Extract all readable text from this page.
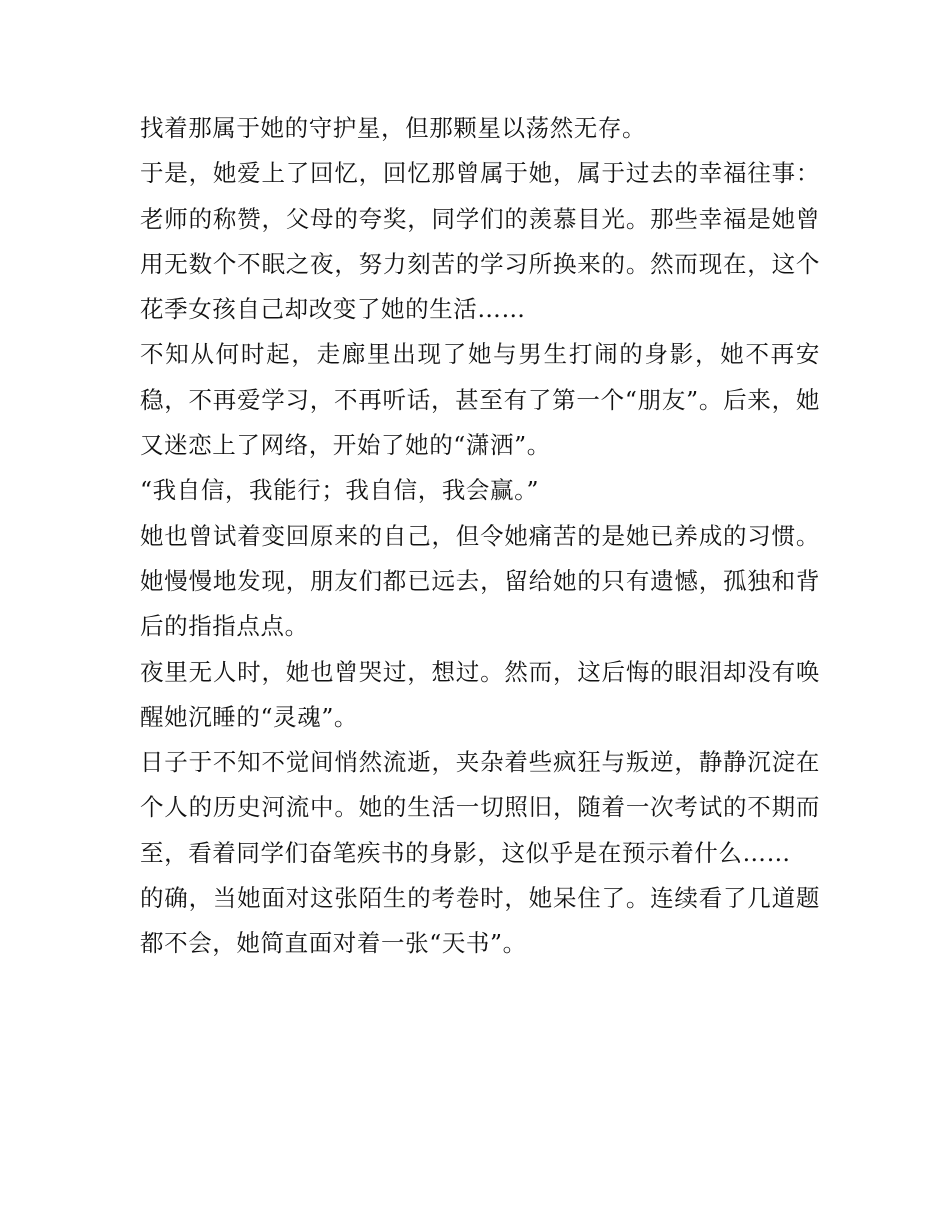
找着那属于她的守护星，但那颗星以荡然无存。

于是，她爱上了回忆，回忆那曾属于她，属于过去的幸福往事：老师的称赞，父母的夸奖，同学们的羡慕目光。那些幸福是她曾用无数个不眠之夜，努力刻苦的学习所换来的。然而现在，这个花季女孩自己却改变了她的生活……

不知从何时起，走廊里出现了她与男生打闹的身影，她不再安稳，不再爱学习，不再听话，甚至有了第一个“朋友”。后来，她又迷恋上了网络，开始了她的“潇洒”。

“我自信，我能行；我自信，我会赢。”

她也曾试着变回原来的自己，但令她痛苦的是她已养成的习惯。她慢慢地发现，朋友们都已远去，留给她的只有遗憾，孤独和背后的指指点点。

夜里无人时，她也曾哭过，想过。然而，这后悔的眼泪却没有唤醒她沉睡的“灵魂”。

日子于不知不觉间悄然流逝，夹杂着些疯狂与叛逆，静静沉淀在个人的历史河流中。她的生活一切照旧，随着一次考试的不期而至，看着同学们奋笔疾书的身影，这似乎是在预示着什么……

的确，当她面对这张陌生的考卷时，她呆住了。连续看了几道题都不会，她简直面对着一张“天书”。
